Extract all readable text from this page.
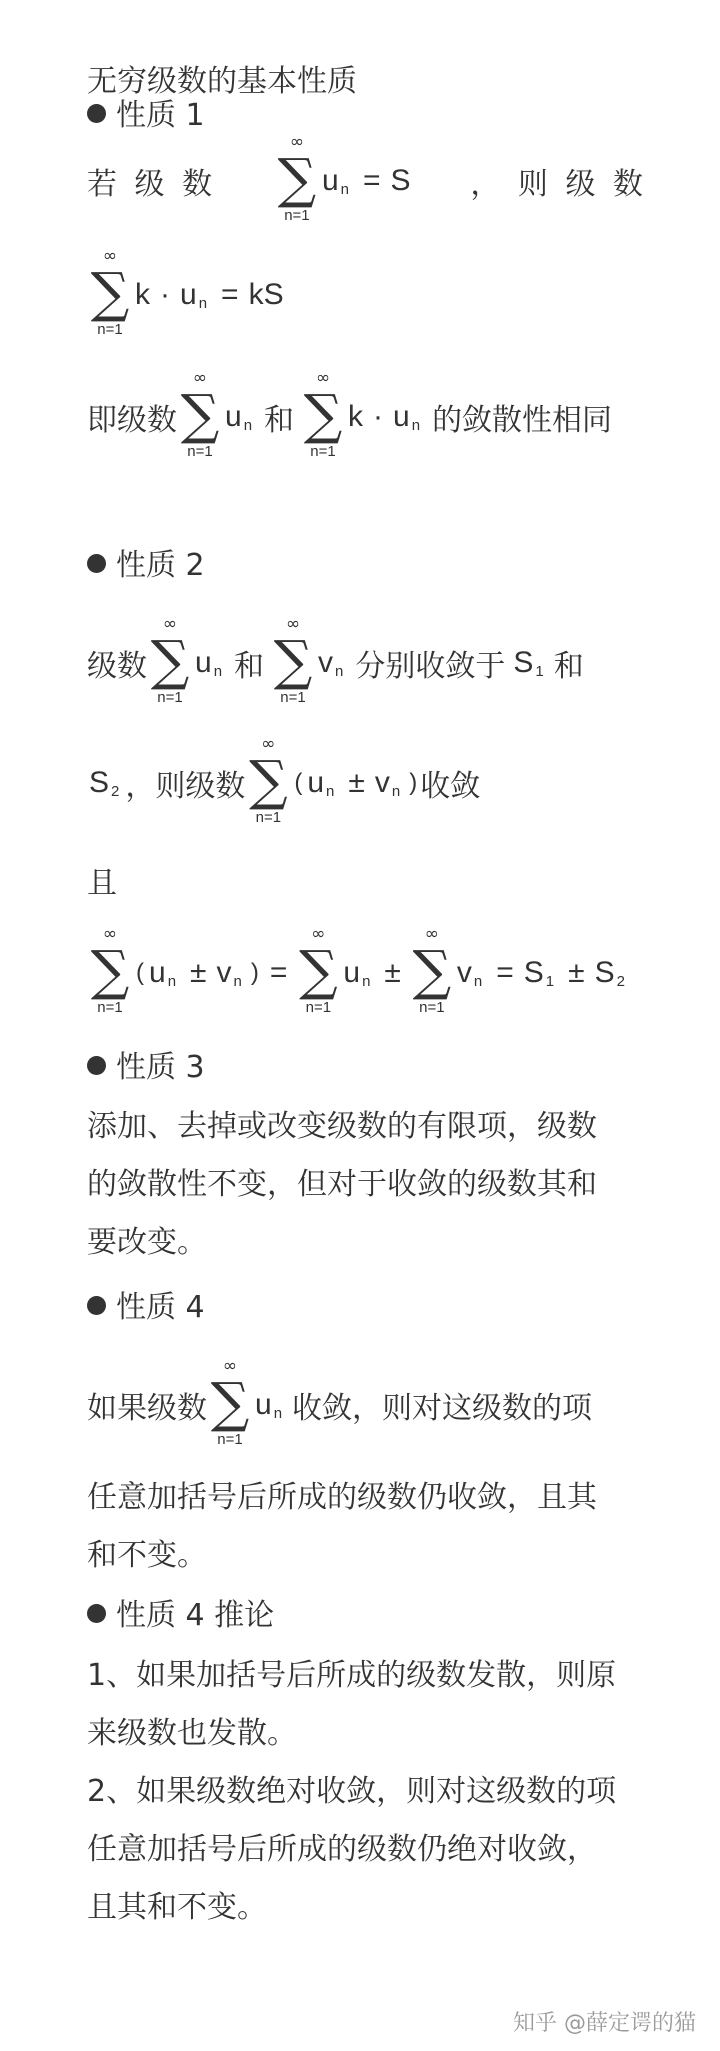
无穷级数的基本性质
性质 1
若 级 数
∞
∑
n=1
u n = S ， 则 级 数
∞
∑
n=1
k · u n = kS
即级数
∞
∑
n=1
u n 和
∞
∑
n=1
k · u n 的敛散性相同
性质 2
级数
∞
∑
n=1
u n 和
∞
∑
n=1
v n 分别收敛于 S 1 和
S 2 ，则级数
∞
∑
n=1
( u n ± v n ) 收敛
且
∞
∑
n=1
( u n ± v n ) =
∞
∑
n=1
u n ±
∞
∑
n=1
v n = S 1 ± S 2
性质 3
添加、去掉或改变级数的有限项，级数
的敛散性不变，但对于收敛的级数其和
要改变。
性质 4
如果级数
∞
∑
n=1
u n 收敛，则对这级数的项
任意加括号后所成的级数仍收敛，且其
和不变。
性质 4 推论
1、如果加括号后所成的级数发散，则原
来级数也发散。
2、如果级数绝对收敛，则对这级数的项
任意加括号后所成的级数仍绝对收敛，
且其和不变。
知乎 @薛定谔的猫
